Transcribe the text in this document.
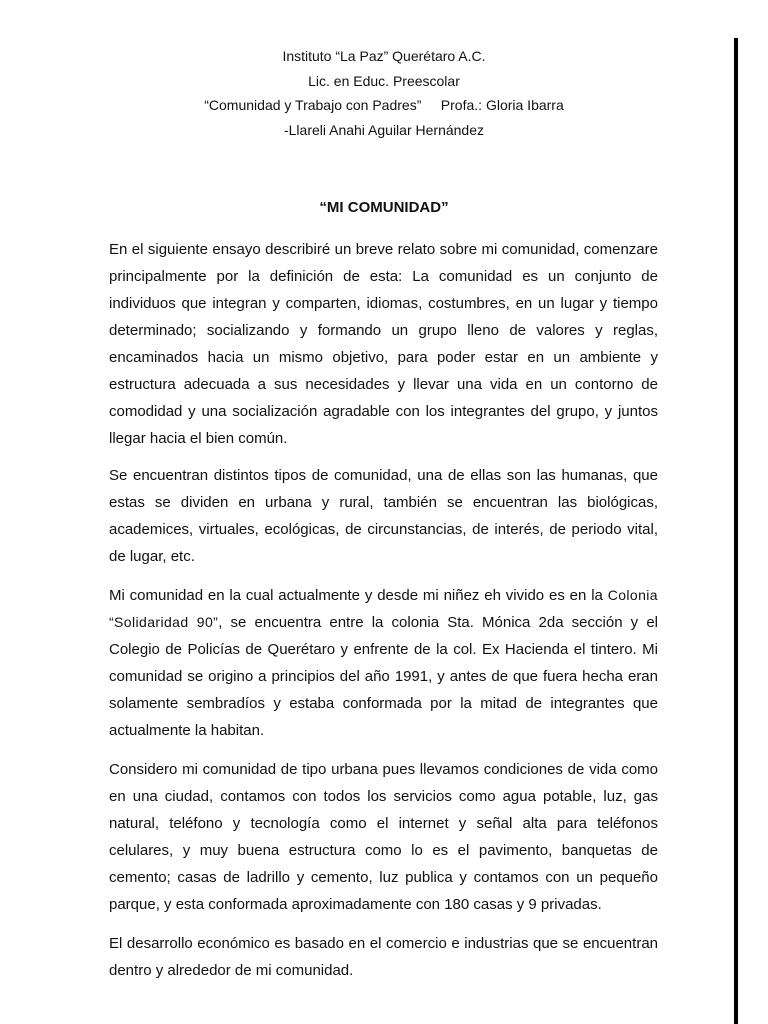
Instituto “La Paz” Querétaro A.C.
Lic. en Educ. Preescolar
“Comunidad y Trabajo con Padres”     Profa.: Gloria Ibarra
-Llareli Anahi Aguilar Hernández
“MI COMUNIDAD”

En el siguiente ensayo describiré un breve relato sobre mi comunidad, comenzare principalmente por la definición de esta: La comunidad es un conjunto de individuos que integran y comparten, idiomas, costumbres, en un lugar y tiempo determinado; socializando y formando un grupo lleno de valores y reglas, encaminados hacia un mismo objetivo, para poder estar en un ambiente y estructura adecuada a sus necesidades y llevar una vida en un contorno de comodidad y una socialización agradable con los integrantes del grupo, y juntos llegar hacia el bien común.

Se encuentran distintos tipos de comunidad, una de ellas son las humanas, que estas se dividen en urbana y rural, también se encuentran las biológicas, academices, virtuales, ecológicas, de circunstancias, de interés, de periodo vital, de lugar, etc.

Mi comunidad en la cual actualmente y desde mi niñez eh vivido es en la Colonia “Solidaridad 90”, se encuentra entre la colonia Sta. Mónica 2da sección y el Colegio de Policías de Querétaro y enfrente de la col. Ex Hacienda el tintero. Mi comunidad se origino a principios del año 1991, y antes de que fuera hecha eran solamente sembradíos y estaba conformada por la mitad de integrantes que actualmente la habitan.

Considero mi comunidad de tipo urbana pues llevamos condiciones de vida como en una ciudad, contamos con todos los servicios como agua potable, luz, gas natural, teléfono y tecnología como el internet y señal alta para teléfonos celulares, y muy buena estructura como lo es el pavimento, banquetas de cemento; casas de ladrillo y cemento, luz publica y contamos con un pequeño parque, y esta conformada aproximadamente con 180 casas y 9 privadas.

El desarrollo económico es basado en el comercio e industrias que se encuentran dentro y alrededor de mi comunidad.
